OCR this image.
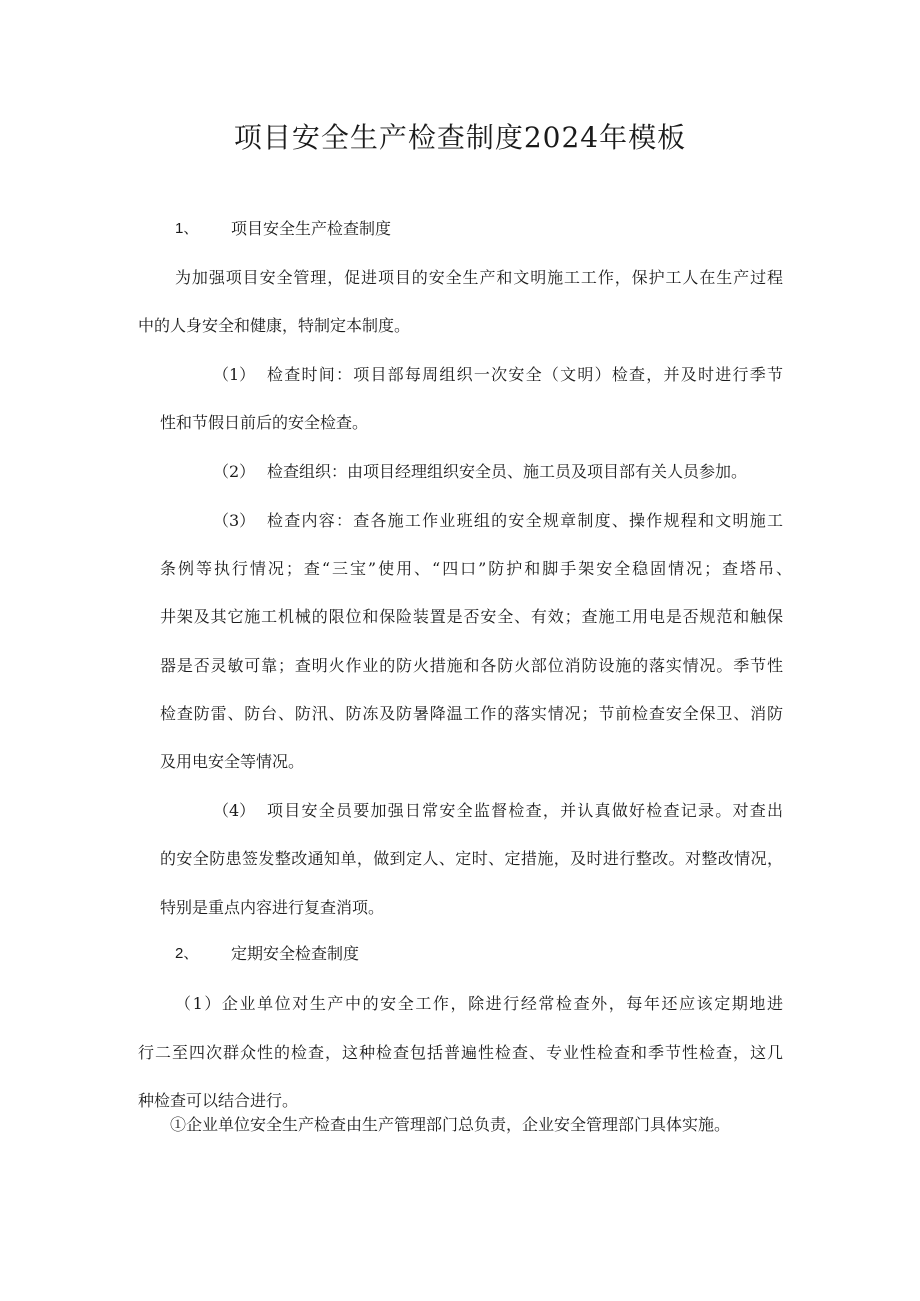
项目安全生产检查制度2024年模板
1、 项目安全生产检查制度
为加强项目安全管理，促进项目的安全生产和文明施工工作，保护工人在生产过程
中的人身安全和健康，特制定本制度。
（1） 检查时间：项目部每周组织一次安全（文明）检查，并及时进行季节
性和节假日前后的安全检查。
（2） 检查组织：由项目经理组织安全员、施工员及项目部有关人员参加。
（3） 检查内容：查各施工作业班组的安全规章制度、操作规程和文明施工
条例等执行情况；查“三宝”使用、“四口”防护和脚手架安全稳固情况；查塔吊、
井架及其它施工机械的限位和保险装置是否安全、有效；查施工用电是否规范和触保
器是否灵敏可靠；查明火作业的防火措施和各防火部位消防设施的落实情况。季节性
检查防雷、防台、防汛、防冻及防暑降温工作的落实情况；节前检查安全保卫、消防
及用电安全等情况。
（4） 项目安全员要加强日常安全监督检查，并认真做好检查记录。对查出
的安全防患签发整改通知单，做到定人、定时、定措施，及时进行整改。对整改情况，
特别是重点内容进行复查消项。
2、 定期安全检查制度
（1）企业单位对生产中的安全工作，除进行经常检查外，每年还应该定期地进
行二至四次群众性的检查，这种检查包括普遍性检查、专业性检查和季节性检查，这几
种检查可以结合进行。
①企业单位安全生产检查由生产管理部门总负责，企业安全管理部门具体实施。
